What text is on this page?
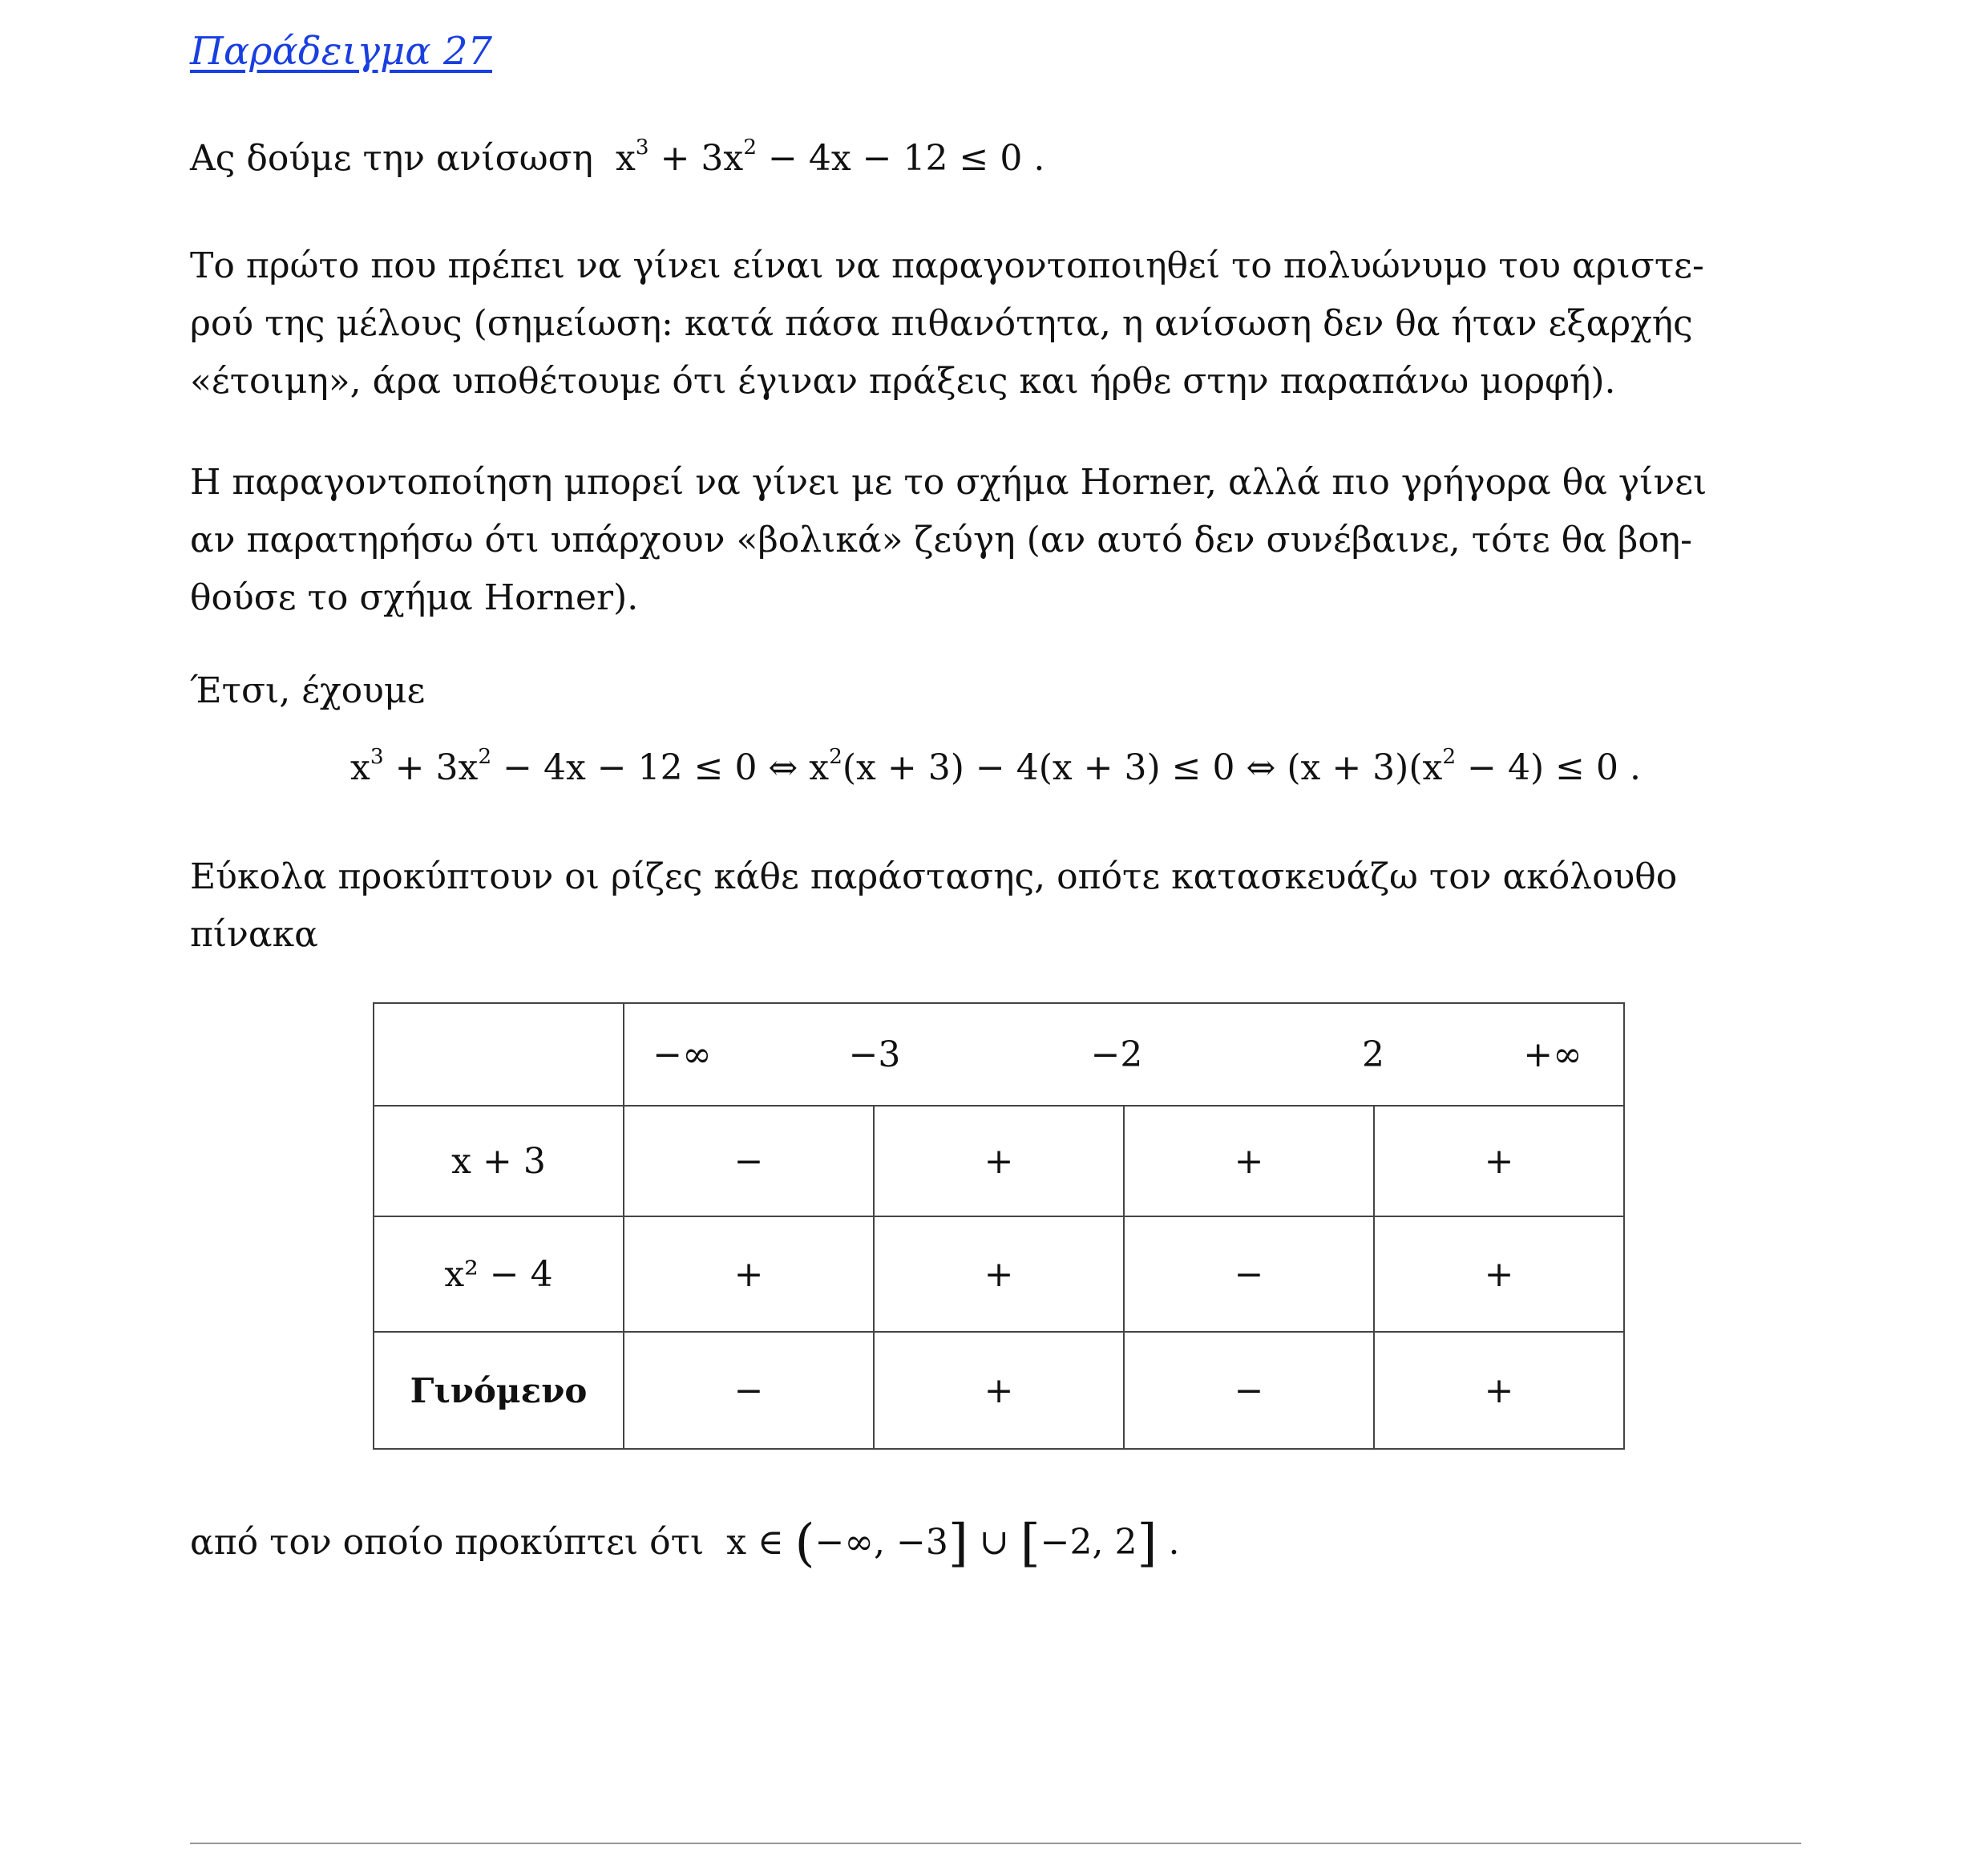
Παράδειγμα 27
Ας δούμε την ανίσωση  $x^3 + 3x^2 - 4x - 12 \le 0$ .
Το πρώτο που πρέπει να γίνει είναι να παραγοντοποιηθεί το πολυώνυμο του αριστε-
ρού της μέλους (σημείωση: κατά πάσα πιθανότητα, η ανίσωση δεν θα ήταν εξαρχής
«έτοιμη», άρα υποθέτουμε ότι έγιναν πράξεις και ήρθε στην παραπάνω μορφή).
Η παραγοντοποίηση μπορεί να γίνει με το σχήμα Horner, αλλά πιο γρήγορα θα γίνει
αν παρατηρήσω ότι υπάρχουν «βολικά» ζεύγη (αν αυτό δεν συνέβαινε, τότε θα βοη-
θούσε το σχήμα Horner).
Έτσι, έχουμε
$x^3 + 3x^2 - 4x - 12 \le 0$ ⇔ $x^2(x + 3) - 4(x + 3) \le 0$ ⇔ $(x + 3)(x^2 - 4) \le 0$ .
Εύκολα προκύπτουν οι ρίζες κάθε παράστασης, οπότε κατασκευάζω τον ακόλουθο
πίνακα
από τον οποίο προκύπτει ότι  x ∈ (−∞, −3] ∪ [−2, 2] .

	−∞ −3 −2 2 +∞			

x + 3	−	+	+	+
x² − 4	+	+	−	+
Γινόμενο	−	+	−	+
